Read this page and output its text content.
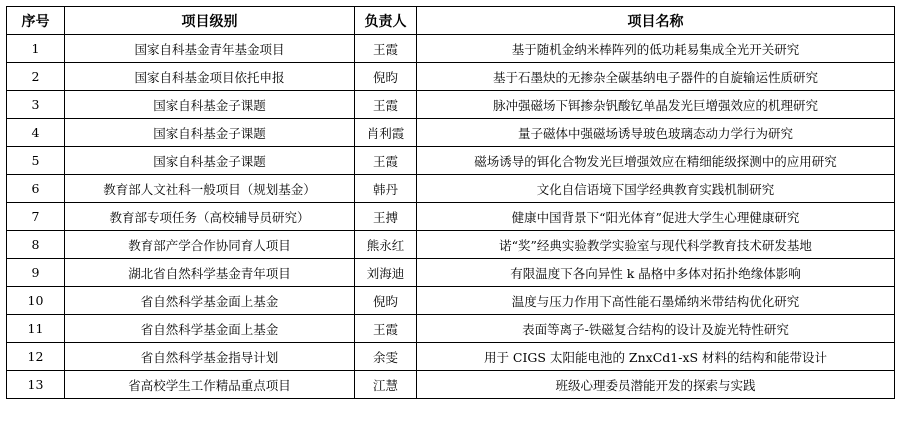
序号	项目级别	负责人	项目名称
1	国家自科基金青年基金项目	王霞	基于随机金纳米棒阵列的低功耗易集成全光开关研究
2	国家自科基金项目依托申报	倪昀	基于石墨炔的无掺杂全碳基纳电子器件的自旋输运性质研究
3	国家自科基金子课题	王霞	脉冲强磁场下铒掺杂钒酸钇单晶发光巨增强效应的机理研究
4	国家自科基金子课题	肖利霞	量子磁体中强磁场诱导玻色玻璃态动力学行为研究
5	国家自科基金子课题	王霞	磁场诱导的铒化合物发光巨增强效应在精细能级探测中的应用研究
6	教育部人文社科一般项目（规划基金）	韩丹	文化自信语境下国学经典教育实践机制研究
7	教育部专项任务（高校辅导员研究）	王搏	健康中国背景下“阳光体育”促进大学生心理健康研究
8	教育部产学合作协同育人项目	熊永红	诺“奖”经典实验教学实验室与现代科学教育技术研发基地
9	湖北省自然科学基金青年项目	刘海迪	有限温度下各向异性 k 晶格中多体对拓扑绝缘体影响
10	省自然科学基金面上基金	倪昀	温度与压力作用下高性能石墨烯纳米带结构优化研究
11	省自然科学基金面上基金	王霞	表面等离子-铁磁复合结构的设计及旋光特性研究
12	省自然科学基金指导计划	余雯	用于 CIGS 太阳能电池的 ZnxCd1-xS 材料的结构和能带设计
13	省高校学生工作精品重点项目	江慧	班级心理委员潜能开发的探索与实践
